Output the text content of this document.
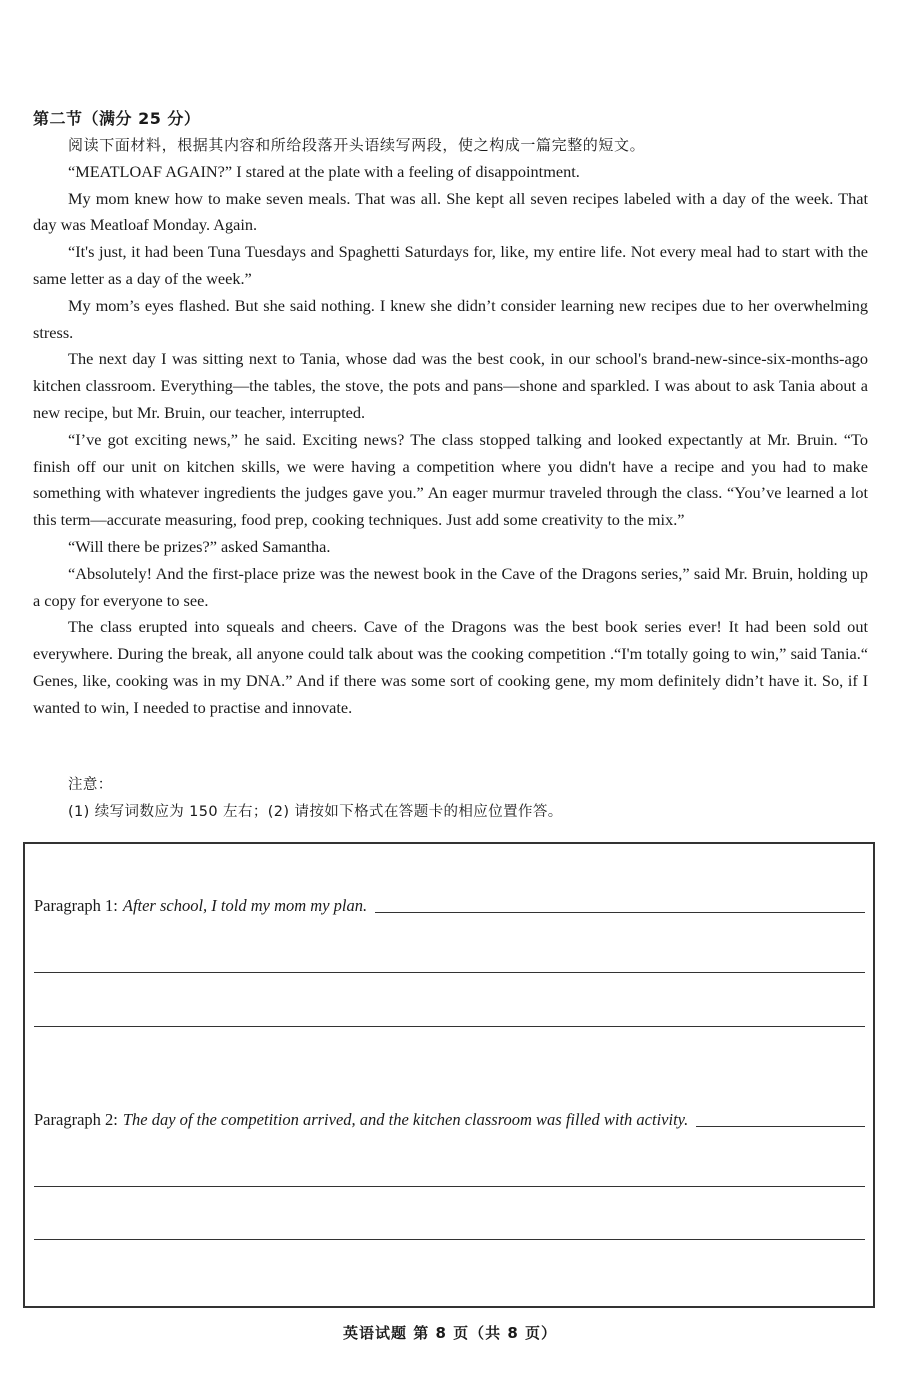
第二节（满分 25 分）

阅读下面材料，根据其内容和所给段落开头语续写两段，使之构成一篇完整的短文。

“MEATLOAF AGAIN?” I stared at the plate with a feeling of disappointment.

My mom knew how to make seven meals. That was all. She kept all seven recipes labeled with a day of the week. That day was Meatloaf Monday. Again.

“It's just, it had been Tuna Tuesdays and Spaghetti Saturdays for, like, my entire life. Not every meal had to start with the same letter as a day of the week.”

My mom’s eyes flashed. But she said nothing. I knew she didn’t consider learning new recipes due to her overwhelming stress.

The next day I was sitting next to Tania, whose dad was the best cook, in our school's brand-new-since-six-months-ago kitchen classroom. Everything—the tables, the stove, the pots and pans—shone and sparkled. I was about to ask Tania about a new recipe, but Mr. Bruin, our teacher, interrupted.

“I’ve got exciting news,” he said. Exciting news? The class stopped talking and looked expectantly at Mr. Bruin. “To finish off our unit on kitchen skills, we were having a competition where you didn't have a recipe and you had to make something with whatever ingredients the judges gave you.” An eager murmur traveled through the class. “You’ve learned a lot this term—accurate measuring, food prep, cooking techniques. Just add some creativity to the mix.”

“Will there be prizes?” asked Samantha.

“Absolutely! And the first-place prize was the newest book in the Cave of the Dragons series,” said Mr. Bruin, holding up a copy for everyone to see.

The class erupted into squeals and cheers. Cave of the Dragons was the best book series ever! It had been sold out everywhere. During the break, all anyone could talk about was the cooking competition .“I'm totally going to win,” said Tania.“ Genes, like, cooking was in my DNA.” And if there was some sort of cooking gene, my mom definitely didn’t have it. So, if I wanted to win, I needed to practise and innovate.

注意：
(1) 续写词数应为 150 左右；(2) 请按如下格式在答题卡的相应位置作答。
Paragraph 1: After school, I told my mom my plan.
Paragraph 2: The day of the competition arrived, and the kitchen classroom was filled with activity.
英语试题 第 8 页（共 8 页）
